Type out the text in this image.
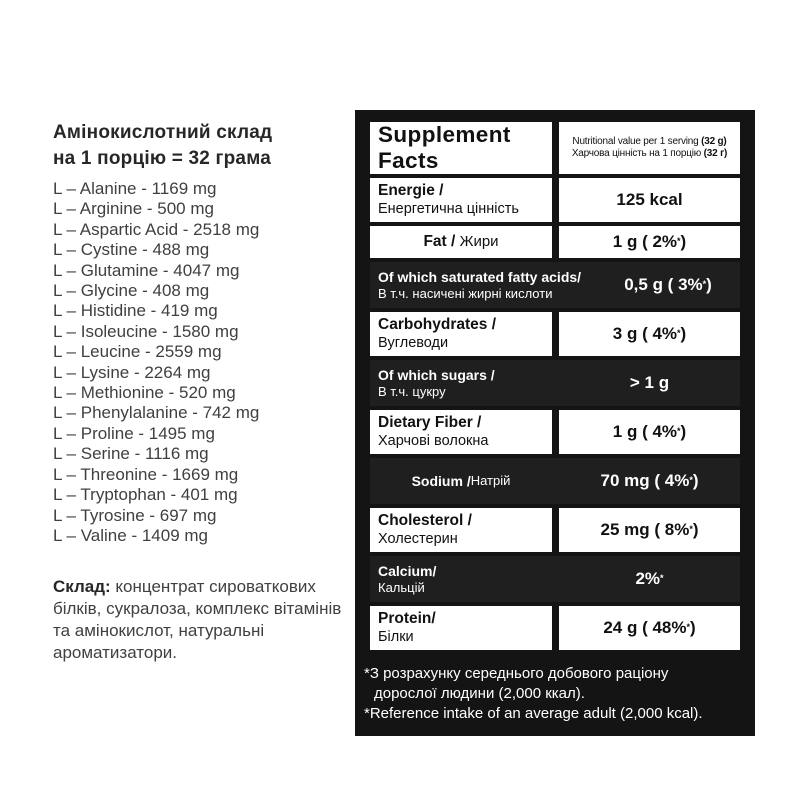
Амінокислотний склад
на 1 порцію = 32 грама
L – Alanine - 1169 mg
L – Arginine - 500 mg
L – Aspartic Acid - 2518 mg
L – Cystine - 488 mg
L – Glutamine - 4047 mg
L – Glycine - 408 mg
L – Histidine - 419 mg
L – Isoleucine - 1580 mg
L – Leucine - 2559 mg
L – Lysine - 2264 mg
L – Methionine - 520 mg
L – Phenylalanine - 742 mg
L – Proline - 1495 mg
L – Serine - 1116 mg
L – Threonine - 1669 mg
L – Tryptophan - 401 mg
L – Tyrosine - 697 mg
L – Valine - 1409 mg

Склад: концентрат сироваткових білків, сукралоза, комплекс вітамінів та амінокислот, натуральні ароматизатори.

Supplement Facts
Nutritional value per 1 serving (32 g)
Харчова цінність на 1 порцію (32 г)
Energie /
Енергетична цінність	125 kcal
Fat / Жири	1 g ( 2% * )
Of which saturated fatty acids/
В т.ч. насичені жирні кислоти	0,5 g ( 3% * )
Carbohydrates /
Вуглеводи	3 g ( 4% * )
Of which sugars /
В т.ч. цукру	> 1 g
Dietary Fiber /
Харчові волокна	1 g ( 4% * )
Sodium / Натрій	70 mg ( 4% * )
Cholesterol /
Холестерин	25 mg ( 8% * )
Calcium/
Кальцій	2% *
Protein/
Білки	24 g ( 48% * )
*З розрахунку середнього добового раціону
дорослої людини (2,000 ккал).
*Reference intake of an average adult (2,000 kcal).
